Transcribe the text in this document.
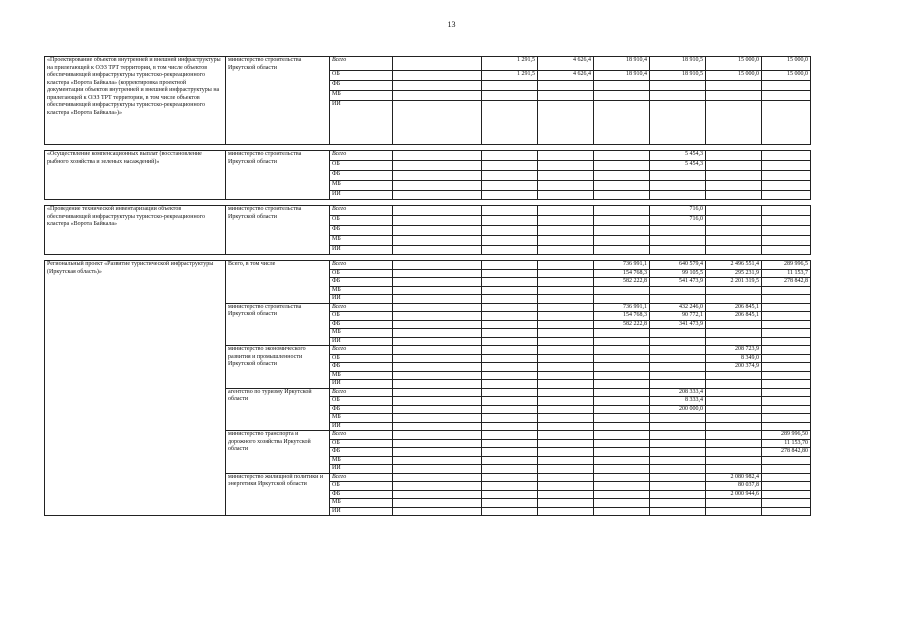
13
«Проектирование объектов внутренней и внешней инфраструктуры на прилегающей к ОЭЗ ТРТ территории, в том числе объектов обеспечивающей инфраструктуры туристско-рекреационного кластера «Ворота Байкала» (корректировка проектной документации объектов внутренней и внешней инфраструктуры на прилегающей к ОЭЗ ТРТ территории, в том числе объектов обеспечивающей инфраструктуры туристско-рекреационного кластера «Ворота Байкала»)»	министерство строительства Иркутской области	Всего		1 291,5	4 626,4	18 910,4	18 910,5	15 000,0	15 000,0
		ОБ		1 291,5	4 626,4	18 910,4	18 910,5	15 000,0	15 000,0
		ФБ							
		МБ							
		ИИ							

«Осуществление компенсационных выплат (восстановление рыбного хозяйства и зеленых насаждений)»	министерство строительства Иркутской области	Всего					5 454,3		
		ОБ					5 454,3		
		ФБ							
		МБ							
		ИИ							

«Проведение технической инвентаризации объектов обеспечивающей инфраструктуры туристско-рекреационного кластера «Ворота Байкала»	министерство строительства Иркутской области	Всего					716,0		
		ОБ					716,0		
		ФБ							
		МБ							
		ИИ							

Региональный проект «Развитие туристической инфраструктуры (Иркутская область)»	Всего, в том числе	Всего				736 991,1	640 579,4	2 496 551,4	289 996,5
		ОБ				154 768,3	99 105,5	295 231,9	11 153,7
		ФБ				582 222,8	541 473,9	2 201 319,5	278 842,8
		МБ							
		ИИ							
	министерство строительства Иркутской области	Всего				736 991,1	432 246,0	206 845,1	
		ОБ				154 768,3	90 772,1	206 845,1	
		ФБ				582 222,8	341 473,9		
		МБ							
		ИИ							
	министерство экономического развития и промышленности Иркутской области	Всего						208 723,9	
		ОБ						8 349,0	
		ФБ						200 374,9	
		МБ							
		ИИ							
	агентство по туризму Иркутской области	Всего					208 333,4		
		ОБ					8 333,4		
		ФБ					200 000,0		
		МБ							
		ИИ							
	министерство транспорта и дорожного хозяйства Иркутской области	Всего							289 996,50
		ОБ							11 153,70
		ФБ							278 842,80
		МБ							
		ИИ							
	министерство жилищной политики и энергетики Иркутской области	Всего						2 080 982,4	
		ОБ						80 037,8	
		ФБ						2 000 944,6	
		МБ							
		ИИ							
